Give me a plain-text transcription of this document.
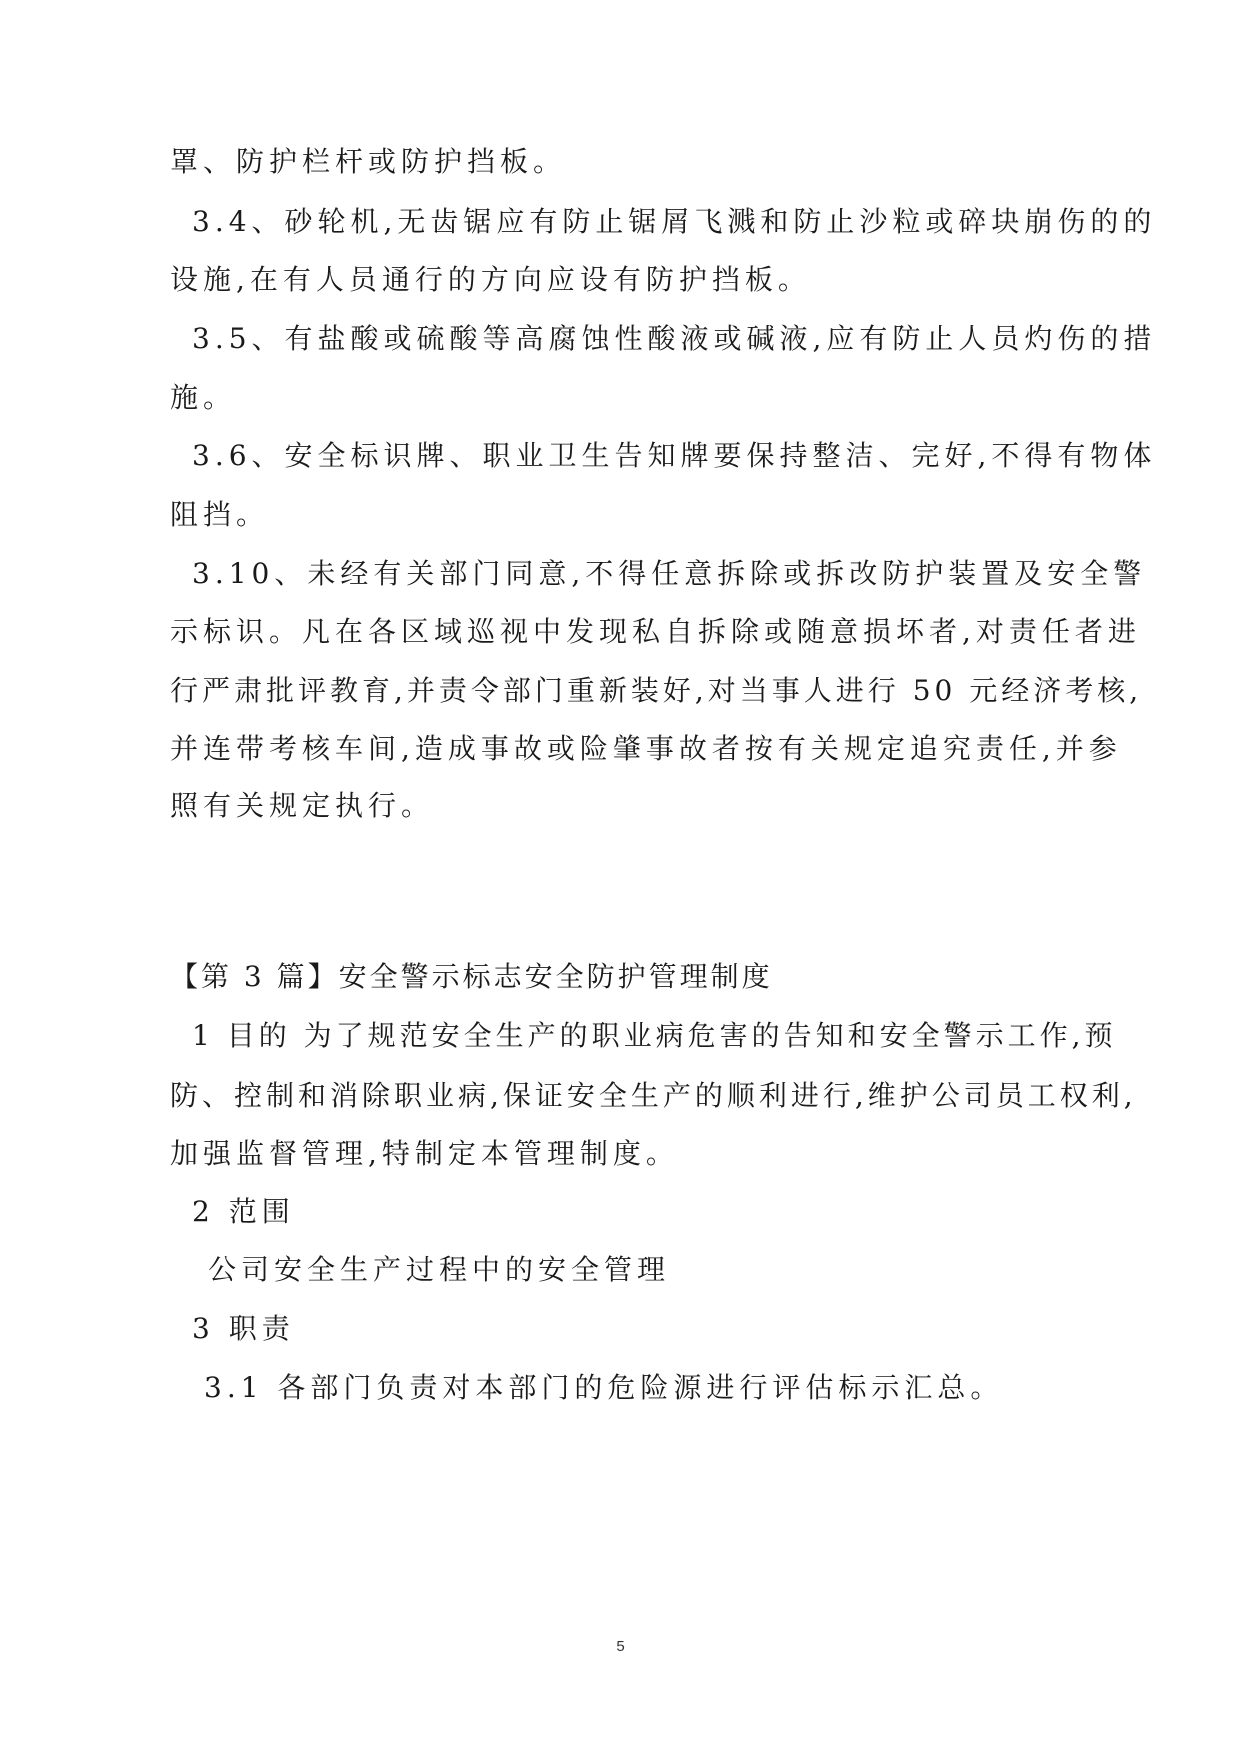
罩、防护栏杆或防护挡板。

3.4、砂轮机,无齿锯应有防止锯屑飞溅和防止沙粒或碎块崩伤的的

设施,在有人员通行的方向应设有防护挡板。

3.5、有盐酸或硫酸等高腐蚀性酸液或碱液,应有防止人员灼伤的措

施。

3.6、安全标识牌、职业卫生告知牌要保持整洁、完好,不得有物体

阻挡。

3.10、未经有关部门同意,不得任意拆除或拆改防护装置及安全警

示标识。凡在各区域巡视中发现私自拆除或随意损坏者,对责任者进

行严肃批评教育,并责令部门重新装好,对当事人进行 50 元经济考核,

并连带考核车间,造成事故或险肇事故者按有关规定追究责任,并参

照有关规定执行。

【第 3 篇】安全警示标志安全防护管理制度

1 目的 为了规范安全生产的职业病危害的告知和安全警示工作,预

防、控制和消除职业病,保证安全生产的顺利进行,维护公司员工权利,

加强监督管理,特制定本管理制度。

2 范围

公司安全生产过程中的安全管理

3 职责

3.1 各部门负责对本部门的危险源进行评估标示汇总。

5
